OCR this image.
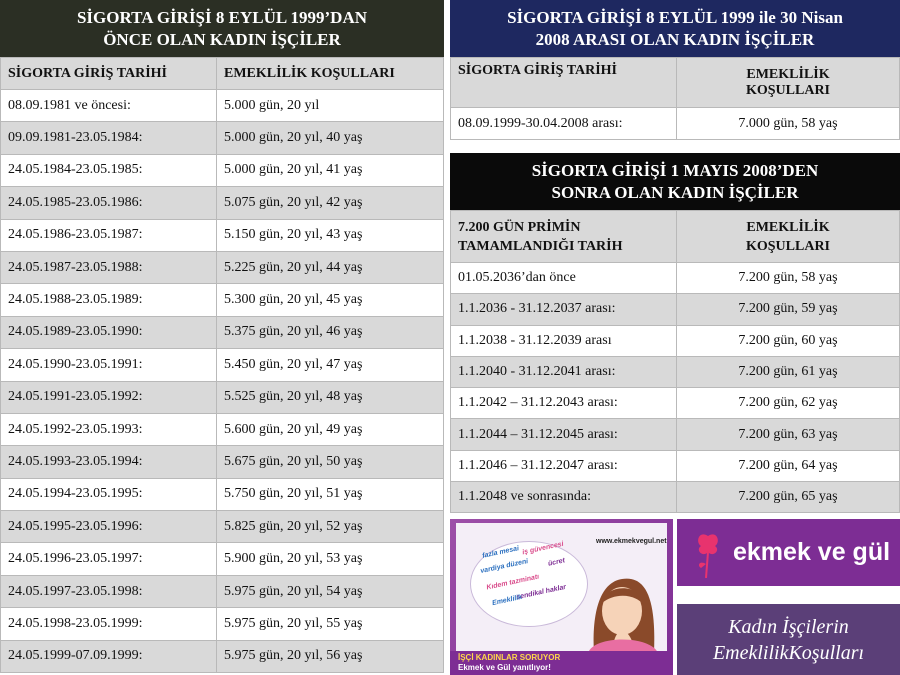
SİGORTA GİRİŞİ 8 EYLÜL 1999’DAN
ÖNCE OLAN KADIN İŞÇİLER
SİGORTA GİRİŞ TARİHİ	EMEKLİLİK KOŞULLARI
08.09.1981 ve öncesi:	5.000 gün, 20 yıl
09.09.1981-23.05.1984:	5.000 gün, 20 yıl, 40 yaş
24.05.1984-23.05.1985:	5.000 gün, 20 yıl, 41 yaş
24.05.1985-23.05.1986:	5.075 gün, 20 yıl, 42 yaş
24.05.1986-23.05.1987:	5.150 gün, 20 yıl, 43 yaş
24.05.1987-23.05.1988:	5.225 gün, 20 yıl, 44 yaş
24.05.1988-23.05.1989:	5.300 gün, 20 yıl, 45 yaş
24.05.1989-23.05.1990:	5.375 gün, 20 yıl, 46 yaş
24.05.1990-23.05.1991:	5.450 gün, 20 yıl, 47 yaş
24.05.1991-23.05.1992:	5.525 gün, 20 yıl, 48 yaş
24.05.1992-23.05.1993:	5.600 gün, 20 yıl, 49 yaş
24.05.1993-23.05.1994:	5.675 gün, 20 yıl, 50 yaş
24.05.1994-23.05.1995:	5.750 gün, 20 yıl, 51 yaş
24.05.1995-23.05.1996:	5.825 gün, 20 yıl, 52 yaş
24.05.1996-23.05.1997:	5.900 gün, 20 yıl, 53 yaş
24.05.1997-23.05.1998:	5.975 gün, 20 yıl, 54 yaş
24.05.1998-23.05.1999:	5.975 gün, 20 yıl, 55 yaş
24.05.1999-07.09.1999:	5.975 gün, 20 yıl, 56 yaş
SİGORTA GİRİŞİ 8 EYLÜL 1999 ile 30 Nisan
2008 ARASI OLAN KADIN İŞÇİLER
SİGORTA GİRİŞ TARİHİ	EMEKLİLİK
KOŞULLARI
08.09.1999-30.04.2008 arası:	7.000 gün, 58 yaş
SİGORTA GİRİŞİ 1 MAYIS 2008’DEN
SONRA OLAN KADIN İŞÇİLER
7.200 GÜN PRİMİN
TAMAMLANDIĞI TARİH	EMEKLİLİK
KOŞULLARI
01.05.2036’dan önce	7.200 gün, 58 yaş
1.1.2036 - 31.12.2037 arası:	7.200 gün, 59 yaş
1.1.2038 - 31.12.2039 arası	7.200 gün, 60 yaş
1.1.2040 - 31.12.2041 arası:	7.200 gün, 61 yaş
1.1.2042 – 31.12.2043 arası:	7.200 gün, 62 yaş
1.1.2044 – 31.12.2045 arası:	7.200 gün, 63 yaş
1.1.2046 – 31.12.2047 arası:	7.200 gün, 64 yaş
1.1.2048 ve sonrasında:	7.200 gün, 65 yaş
fazla mesai iş güvencesi
vardiya düzeni	ücret
Kıdem tazminatı
sendikal haklar
Emeklilik
www.ekmekvegul.net
İŞÇİ KADINLAR SORUYOR
Ekmek ve Gül yanıtlıyor!
ekmek ve gül
Kadın İşçilerin
EmeklilikKoşulları
